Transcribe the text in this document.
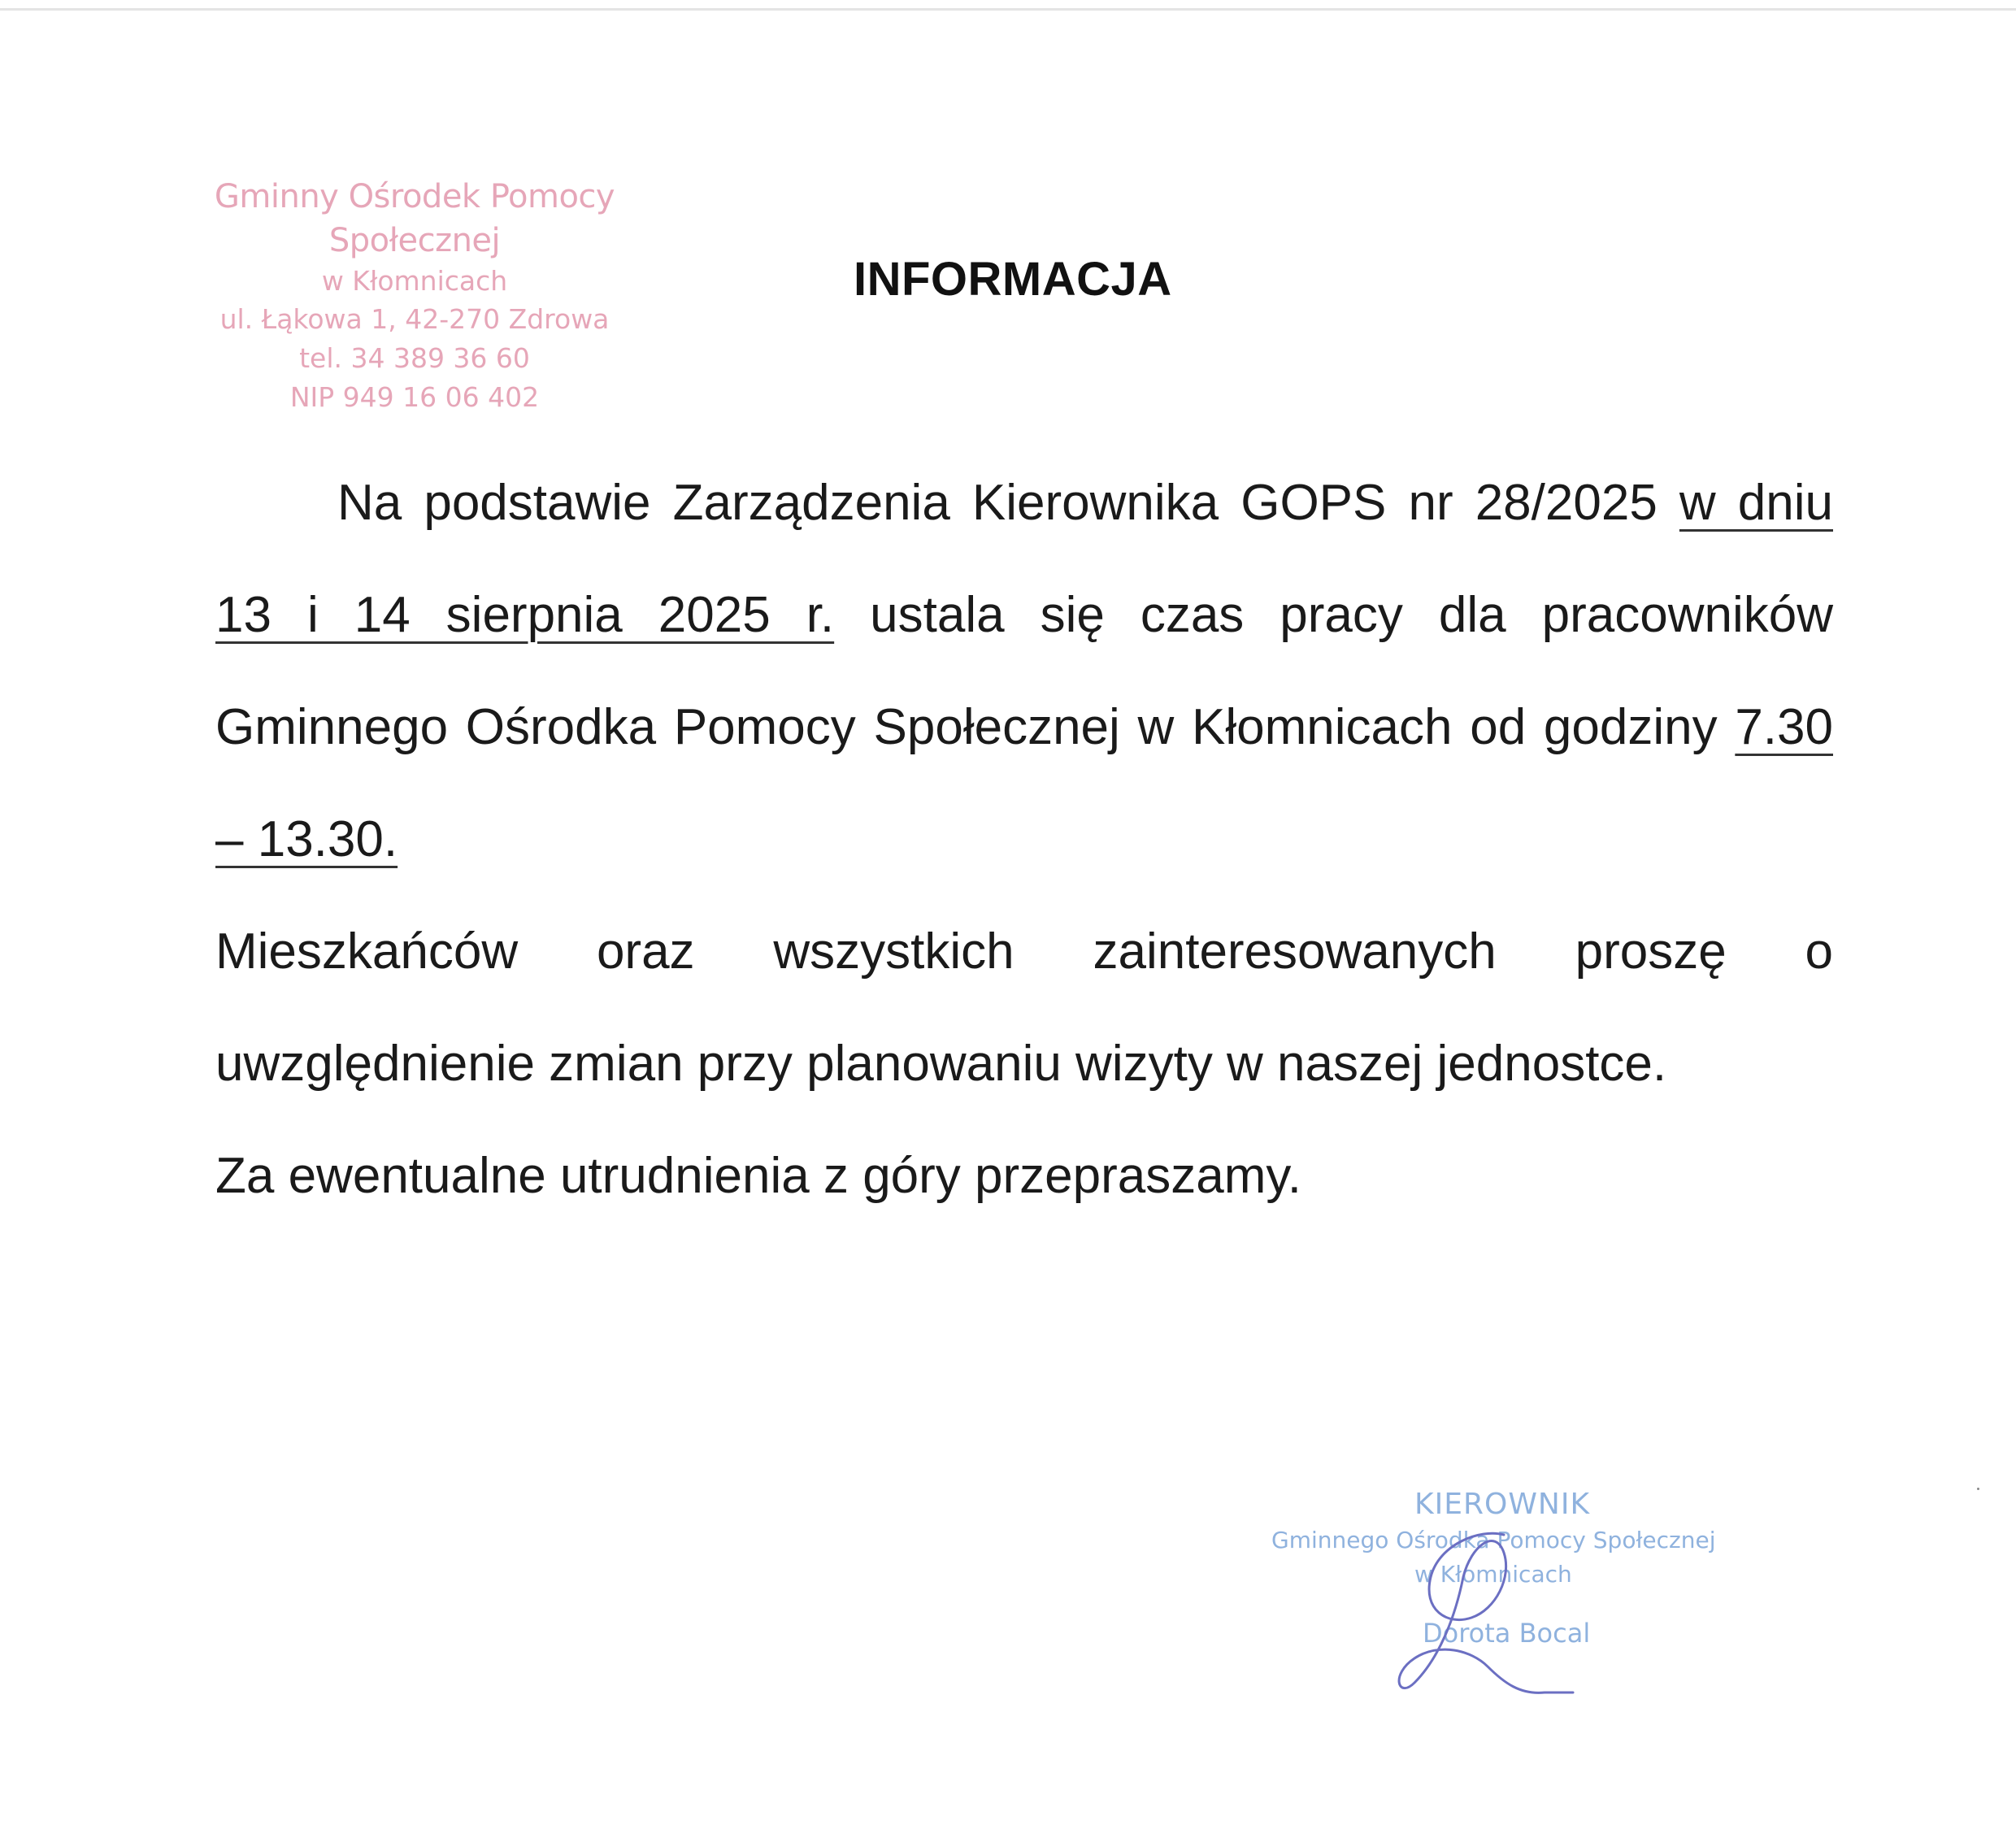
Gminny Ośrodek Pomocy Społecznej
w Kłomnicach
ul. Łąkowa 1, 42-270 Zdrowa
tel. 34 389 36 60
NIP 949 16 06 402
INFORMACJA

Na podstawie Zarządzenia Kierownika GOPS nr 28/2025 w dniu 13 i 14 sierpnia 2025 r. ustala się czas pracy dla pracowników Gminnego Ośrodka Pomocy Społecznej w Kłomnicach od godziny 7.30 – 13.30.

Mieszkańców oraz wszystkich zainteresowanych proszę o uwzględnienie zmian przy planowaniu wizyty w naszej jednostce.

Za ewentualne utrudnienia z góry przepraszamy.

KIEROWNIK
Gminnego Ośrodka Pomocy Społecznej
w Kłomnicach
Dorota Bocal
